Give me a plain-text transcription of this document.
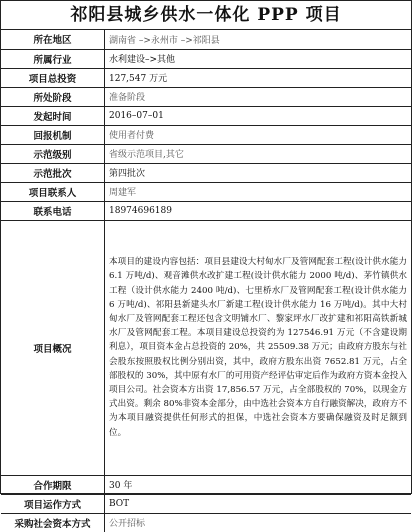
祁阳县城乡供水一体化 PPP 项目
所在地区	湖南省 –>永州市 –>祁阳县
所属行业	水利建设–>其他
项目总投资	127,547 万元
所处阶段	准备阶段
发起时间	2016–07–01
回报机制	使用者付费
示范级别	省级示范项目,其它
示范批次	第四批次
项目联系人	周建军
联系电话	18974696189
项目概况	本项目的建设内容包括：项目县建设大村甸水厂及管网配套工程(设计供水能力 6.1 万吨/d)、观音滩供水改扩建工程(设计供水能力 2000 吨/d)、茅竹镇供水工程（设计供水能力 2400 吨/d)、七里桥水厂及管网配套工程(设计供水能力 6 万吨/d)、祁阳县新建头水厂新建工程(设计供水能力 16 万吨/d)。其中大村甸水厂及管网配套工程还包含文明铺水厂、黎家坪水厂改扩建和祁阳高铁新城水厂及管网配套工程。本项目建设总投资约为 127546.91 万元（不含建设期利息），项目资本金占总投资的 20%，共 25509.38 万元；由政府方股东与社会股东按照股权比例分别出资，其中，政府方股东出资 7652.81 万元，占全部股权的 30%，其中原有水厂的可用资产经评估审定后作为政府方资本金投入项目公司。社会资本方出资 17,856.57 万元，占全部股权的 70%，以现金方式出资。剩余 80%非资本金部分，由中选社会资本方自行融资解决，政府方不为本项目融资提供任何形式的担保，中选社会资本方要确保融资及时足额到位。
合作期限	30 年
项目运作方式	BOT
采购社会资本方式	公开招标
